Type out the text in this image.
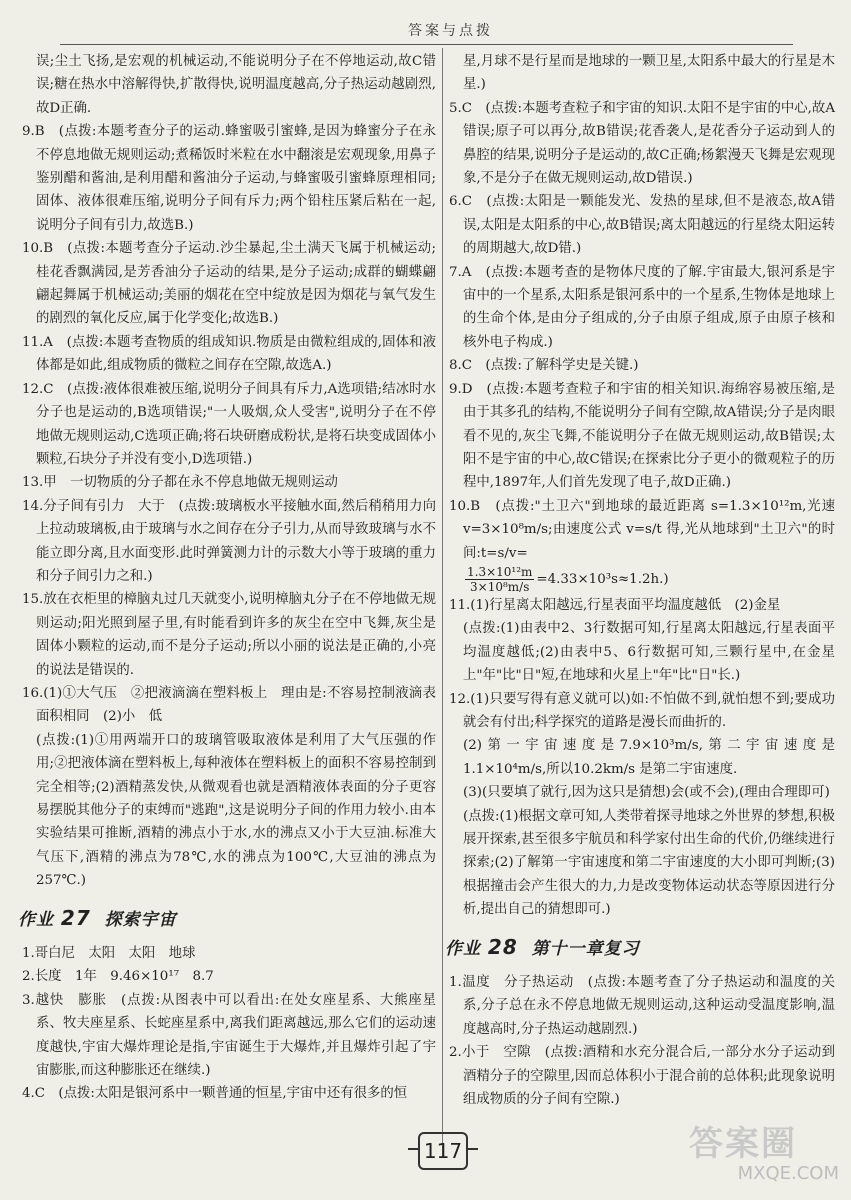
答案与点拨

误;尘土飞扬,是宏观的机械运动,不能说明分子在不停地运动,故C错误;糖在热水中溶解得快,扩散得快,说明温度越高,分子热运动越剧烈,故D正确.

9.B　(点拨:本题考查分子的运动.蜂蜜吸引蜜蜂,是因为蜂蜜分子在永不停息地做无规则运动;煮稀饭时米粒在水中翻滚是宏观现象,用鼻子鉴别醋和酱油,是利用醋和酱油分子运动,与蜂蜜吸引蜜蜂原理相同;固体、液体很难压缩,说明分子间有斥力;两个铅柱压紧后粘在一起,说明分子间有引力,故选B.)

10.B　(点拨:本题考查分子运动.沙尘暴起,尘土满天飞属于机械运动;桂花香飘满园,是芳香油分子运动的结果,是分子运动;成群的蝴蝶翩翩起舞属于机械运动;美丽的烟花在空中绽放是因为烟花与氧气发生的剧烈的氧化反应,属于化学变化;故选B.)

11.A　(点拨:本题考查物质的组成知识.物质是由微粒组成的,固体和液体都是如此,组成物质的微粒之间存在空隙,故选A.)

12.C　(点拨:液体很难被压缩,说明分子间具有斥力,A选项错;结冰时水分子也是运动的,B选项错误;"一人吸烟,众人受害",说明分子在不停地做无规则运动,C选项正确;将石块研磨成粉状,是将石块变成固体小颗粒,石块分子并没有变小,D选项错.)

13.甲　一切物质的分子都在永不停息地做无规则运动

14.分子间有引力　大于　(点拨:玻璃板水平接触水面,然后稍稍用力向上拉动玻璃板,由于玻璃与水之间存在分子引力,从而导致玻璃与水不能立即分离,且水面变形.此时弹簧测力计的示数大小等于玻璃的重力和分子间引力之和.)

15.放在衣柜里的樟脑丸过几天就变小,说明樟脑丸分子在不停地做无规则运动;阳光照到屋子里,有时能看到许多的灰尘在空中飞舞,灰尘是固体小颗粒的运动,而不是分子运动;所以小丽的说法是正确的,小亮的说法是错误的.

16.(1)①大气压　②把液滴滴在塑料板上　理由是:不容易控制液滴表面积相同　(2)小　低

(点拨:(1)①用两端开口的玻璃管吸取液体是利用了大气压强的作用;②把液体滴在塑料板上,每种液体在塑料板上的面积不容易控制到完全相等;(2)酒精蒸发快,从微观看也就是酒精液体表面的分子更容易摆脱其他分子的束缚而"逃跑",这是说明分子间的作用力较小.由本实验结果可推断,酒精的沸点小于水,水的沸点又小于大豆油.标准大气压下,酒精的沸点为78℃,水的沸点为100℃,大豆油的沸点为257℃.)

作业 27 探索宇宙

1.哥白尼　太阳　太阳　地球

2.长度　1年　9.46×10¹⁷　8.7

3.越快　膨胀　(点拨:从图表中可以看出:在处女座星系、大熊座星系、牧夫座星系、长蛇座星系中,离我们距离越远,那么它们的运动速度越快,宇宙大爆炸理论是指,宇宙诞生于大爆炸,并且爆炸引起了宇宙膨胀,而这种膨胀还在继续.)

4.C　(点拨:太阳是银河系中一颗普通的恒星,宇宙中还有很多的恒

星,月球不是行星而是地球的一颗卫星,太阳系中最大的行星是木星.)

5.C　(点拨:本题考查粒子和宇宙的知识.太阳不是宇宙的中心,故A错误;原子可以再分,故B错误;花香袭人,是花香分子运动到人的鼻腔的结果,说明分子是运动的,故C正确;杨絮漫天飞舞是宏观现象,不是分子在做无规则运动,故D错误.)

6.C　(点拨:太阳是一颗能发光、发热的星球,但不是液态,故A错误,太阳是太阳系的中心,故B错误;离太阳越远的行星绕太阳运转的周期越大,故D错.)

7.A　(点拨:本题考查的是物体尺度的了解.宇宙最大,银河系是宇宙中的一个星系,太阳系是银河系中的一个星系,生物体是地球上的生命个体,是由分子组成的,分子由原子组成,原子由原子核和核外电子构成.)

8.C　(点拨:了解科学史是关键.)

9.D　(点拨:本题考查粒子和宇宙的相关知识.海绵容易被压缩,是由于其多孔的结构,不能说明分子间有空隙,故A错误;分子是肉眼看不见的,灰尘飞舞,不能说明分子在做无规则运动,故B错误;太阳不是宇宙的中心,故C错误;在探索比分子更小的微观粒子的历程中,1897年,人们首先发现了电子,故D正确.)

10.B　(点拨:"土卫六"到地球的最近距离 s=1.3×10¹²m,光速 v=3×10⁸m/s;由速度公式 v=s/t 得,光从地球到"土卫六"的时间:t=s/v=

$\frac{\text{1.3×10¹²m}}{\text{3×10⁸m/s}} =4.33\times 10^3s\approx 1.2h$.)

11.(1)行星离太阳越远,行星表面平均温度越低　(2)金星

(点拨:(1)由表中2、3行数据可知,行星离太阳越远,行星表面平均温度越低;(2)由表中5、6行数据可知,三颗行星中,在金星上"年"比"日"短,在地球和火星上"年"比"日"长.)

12.(1)只要写得有意义就可以)如:不怕做不到,就怕想不到;要成功就会有付出;科学探究的道路是漫长而曲折的.

(2)第一宇宙速度是7.9×10³m/s,第二宇宙速度是1.1×10⁴m/s,所以10.2km/s 是第二宇宙速度.

(3)(只要填了就行,因为这只是猜想)会(或不会),(理由合理即可)

(点拨:(1)根据文章可知,人类带着探寻地球之外世界的梦想,积极展开探索,甚至很多宇航员和科学家付出生命的代价,仍继续进行探索;(2)了解第一宇宙速度和第二宇宙速度的大小即可判断;(3)根据撞击会产生很大的力,力是改变物体运动状态等原因进行分析,提出自己的猜想即可.)

作业 28 第十一章复习

1.温度　分子热运动　(点拨:本题考查了分子热运动和温度的关系,分子总在永不停息地做无规则运动,这种运动受温度影响,温度越高时,分子热运动越剧烈.)

2.小于　空隙　(点拨:酒精和水充分混合后,一部分水分子运动到酒精分子的空隙里,因而总体积小于混合前的总体积;此现象说明组成物质的分子间有空隙.)

117	答案圈
MXQE.COM
